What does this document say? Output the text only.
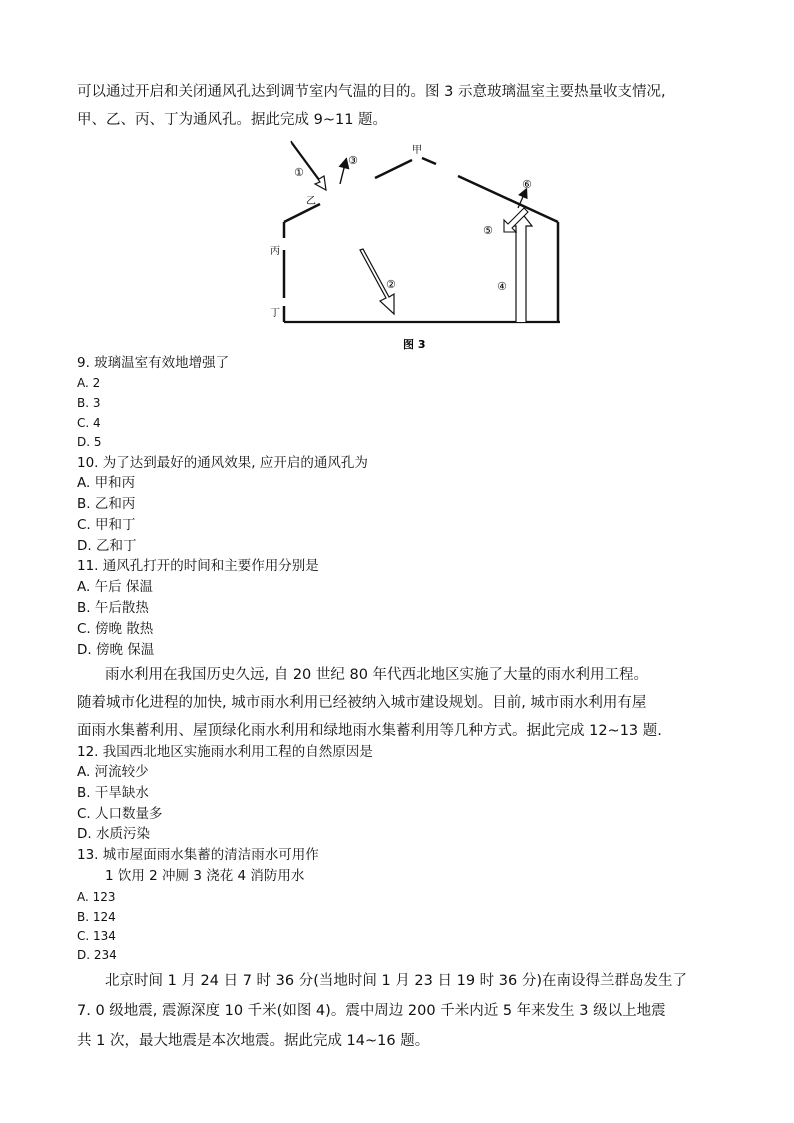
可以通过开启和关闭通风孔达到调节室内气温的目的。图 3 示意玻璃温室主要热量收支情况,
甲、乙、丙、丁为通风孔。据此完成 9~11 题。

甲
乙
丙
丁
①
②
③
④
⑤
⑥
图 3
9. 玻璃温室有效地增强了
A. 2
B. 3
C. 4
D. 5
10. 为了达到最好的通风效果, 应开启的通风孔为
A. 甲和丙
B. 乙和丙
C. 甲和丁
D. 乙和丁
11. 通风孔打开的时间和主要作用分别是
A. 午后 保温
B. 午后散热
C. 傍晚 散热
D. 傍晚 保温

雨水利用在我国历史久远, 自 20 世纪 80 年代西北地区实施了大量的雨水利用工程。
随着城市化进程的加快, 城市雨水利用已经被纳入城市建设规划。目前, 城市雨水利用有屋
面雨水集蓄利用、屋顶绿化雨水利用和绿地雨水集蓄利用等几种方式。据此完成 12~13 题.

12. 我国西北地区实施雨水利用工程的自然原因是
A. 河流较少
B. 干旱缺水
C. 人口数量多
D. 水质污染
13. 城市屋面雨水集蓄的清洁雨水可用作
1 饮用 2 冲厕 3 浇花 4 消防用水
A. 123
B. 124
C. 134
D. 234

北京时间 1 月 24 日 7 时 36 分(当地时间 1 月 23 日 19 时 36 分)在南设得兰群岛发生了
7. 0 级地震, 震源深度 10 千米(如图 4)。震中周边 200 千米内近 5 年来发生 3 级以上地震
共 1 次，最大地震是本次地震。据此完成 14~16 题。
